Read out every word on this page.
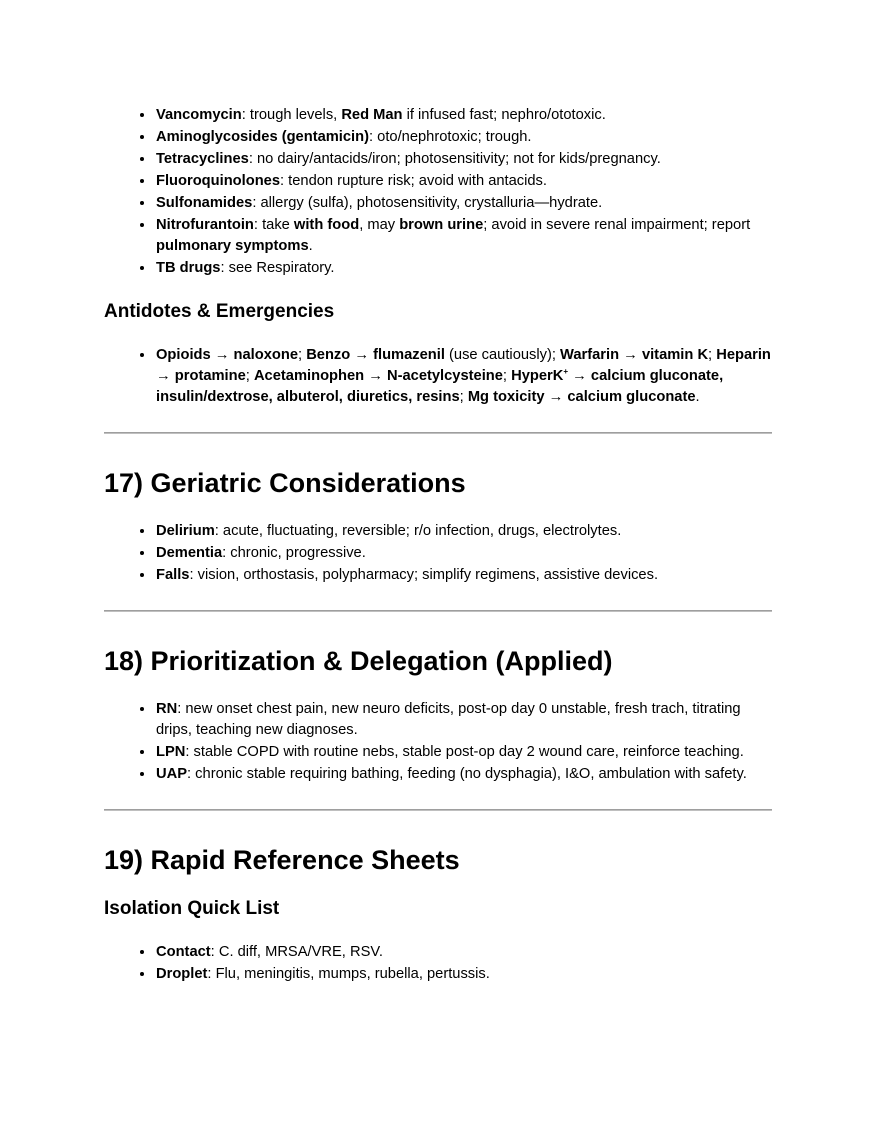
• Vancomycin: trough levels, Red Man if infused fast; nephro/ototoxic.
• Aminoglycosides (gentamicin): oto/nephrotoxic; trough.
• Tetracyclines: no dairy/antacids/iron; photosensitivity; not for kids/pregnancy.
• Fluoroquinolones: tendon rupture risk; avoid with antacids.
• Sulfonamides: allergy (sulfa), photosensitivity, crystalluria—hydrate.
• Nitrofurantoin: take with food, may brown urine; avoid in severe renal impairment; report pulmonary symptoms.
• TB drugs: see Respiratory.
Antidotes & Emergencies
• Opioids → naloxone; Benzo → flumazenil (use cautiously); Warfarin → vitamin K; Heparin → protamine; Acetaminophen → N-acetylcysteine; HyperK+ → calcium gluconate, insulin/dextrose, albuterol, diuretics, resins; Mg toxicity → calcium gluconate.
17) Geriatric Considerations
• Delirium: acute, fluctuating, reversible; r/o infection, drugs, electrolytes.
• Dementia: chronic, progressive.
• Falls: vision, orthostasis, polypharmacy; simplify regimens, assistive devices.
18) Prioritization & Delegation (Applied)
• RN: new onset chest pain, new neuro deficits, post-op day 0 unstable, fresh trach, titrating drips, teaching new diagnoses.
• LPN: stable COPD with routine nebs, stable post-op day 2 wound care, reinforce teaching.
• UAP: chronic stable requiring bathing, feeding (no dysphagia), I&O, ambulation with safety.
19) Rapid Reference Sheets
Isolation Quick List
• Contact: C. diff, MRSA/VRE, RSV.
• Droplet: Flu, meningitis, mumps, rubella, pertussis.
